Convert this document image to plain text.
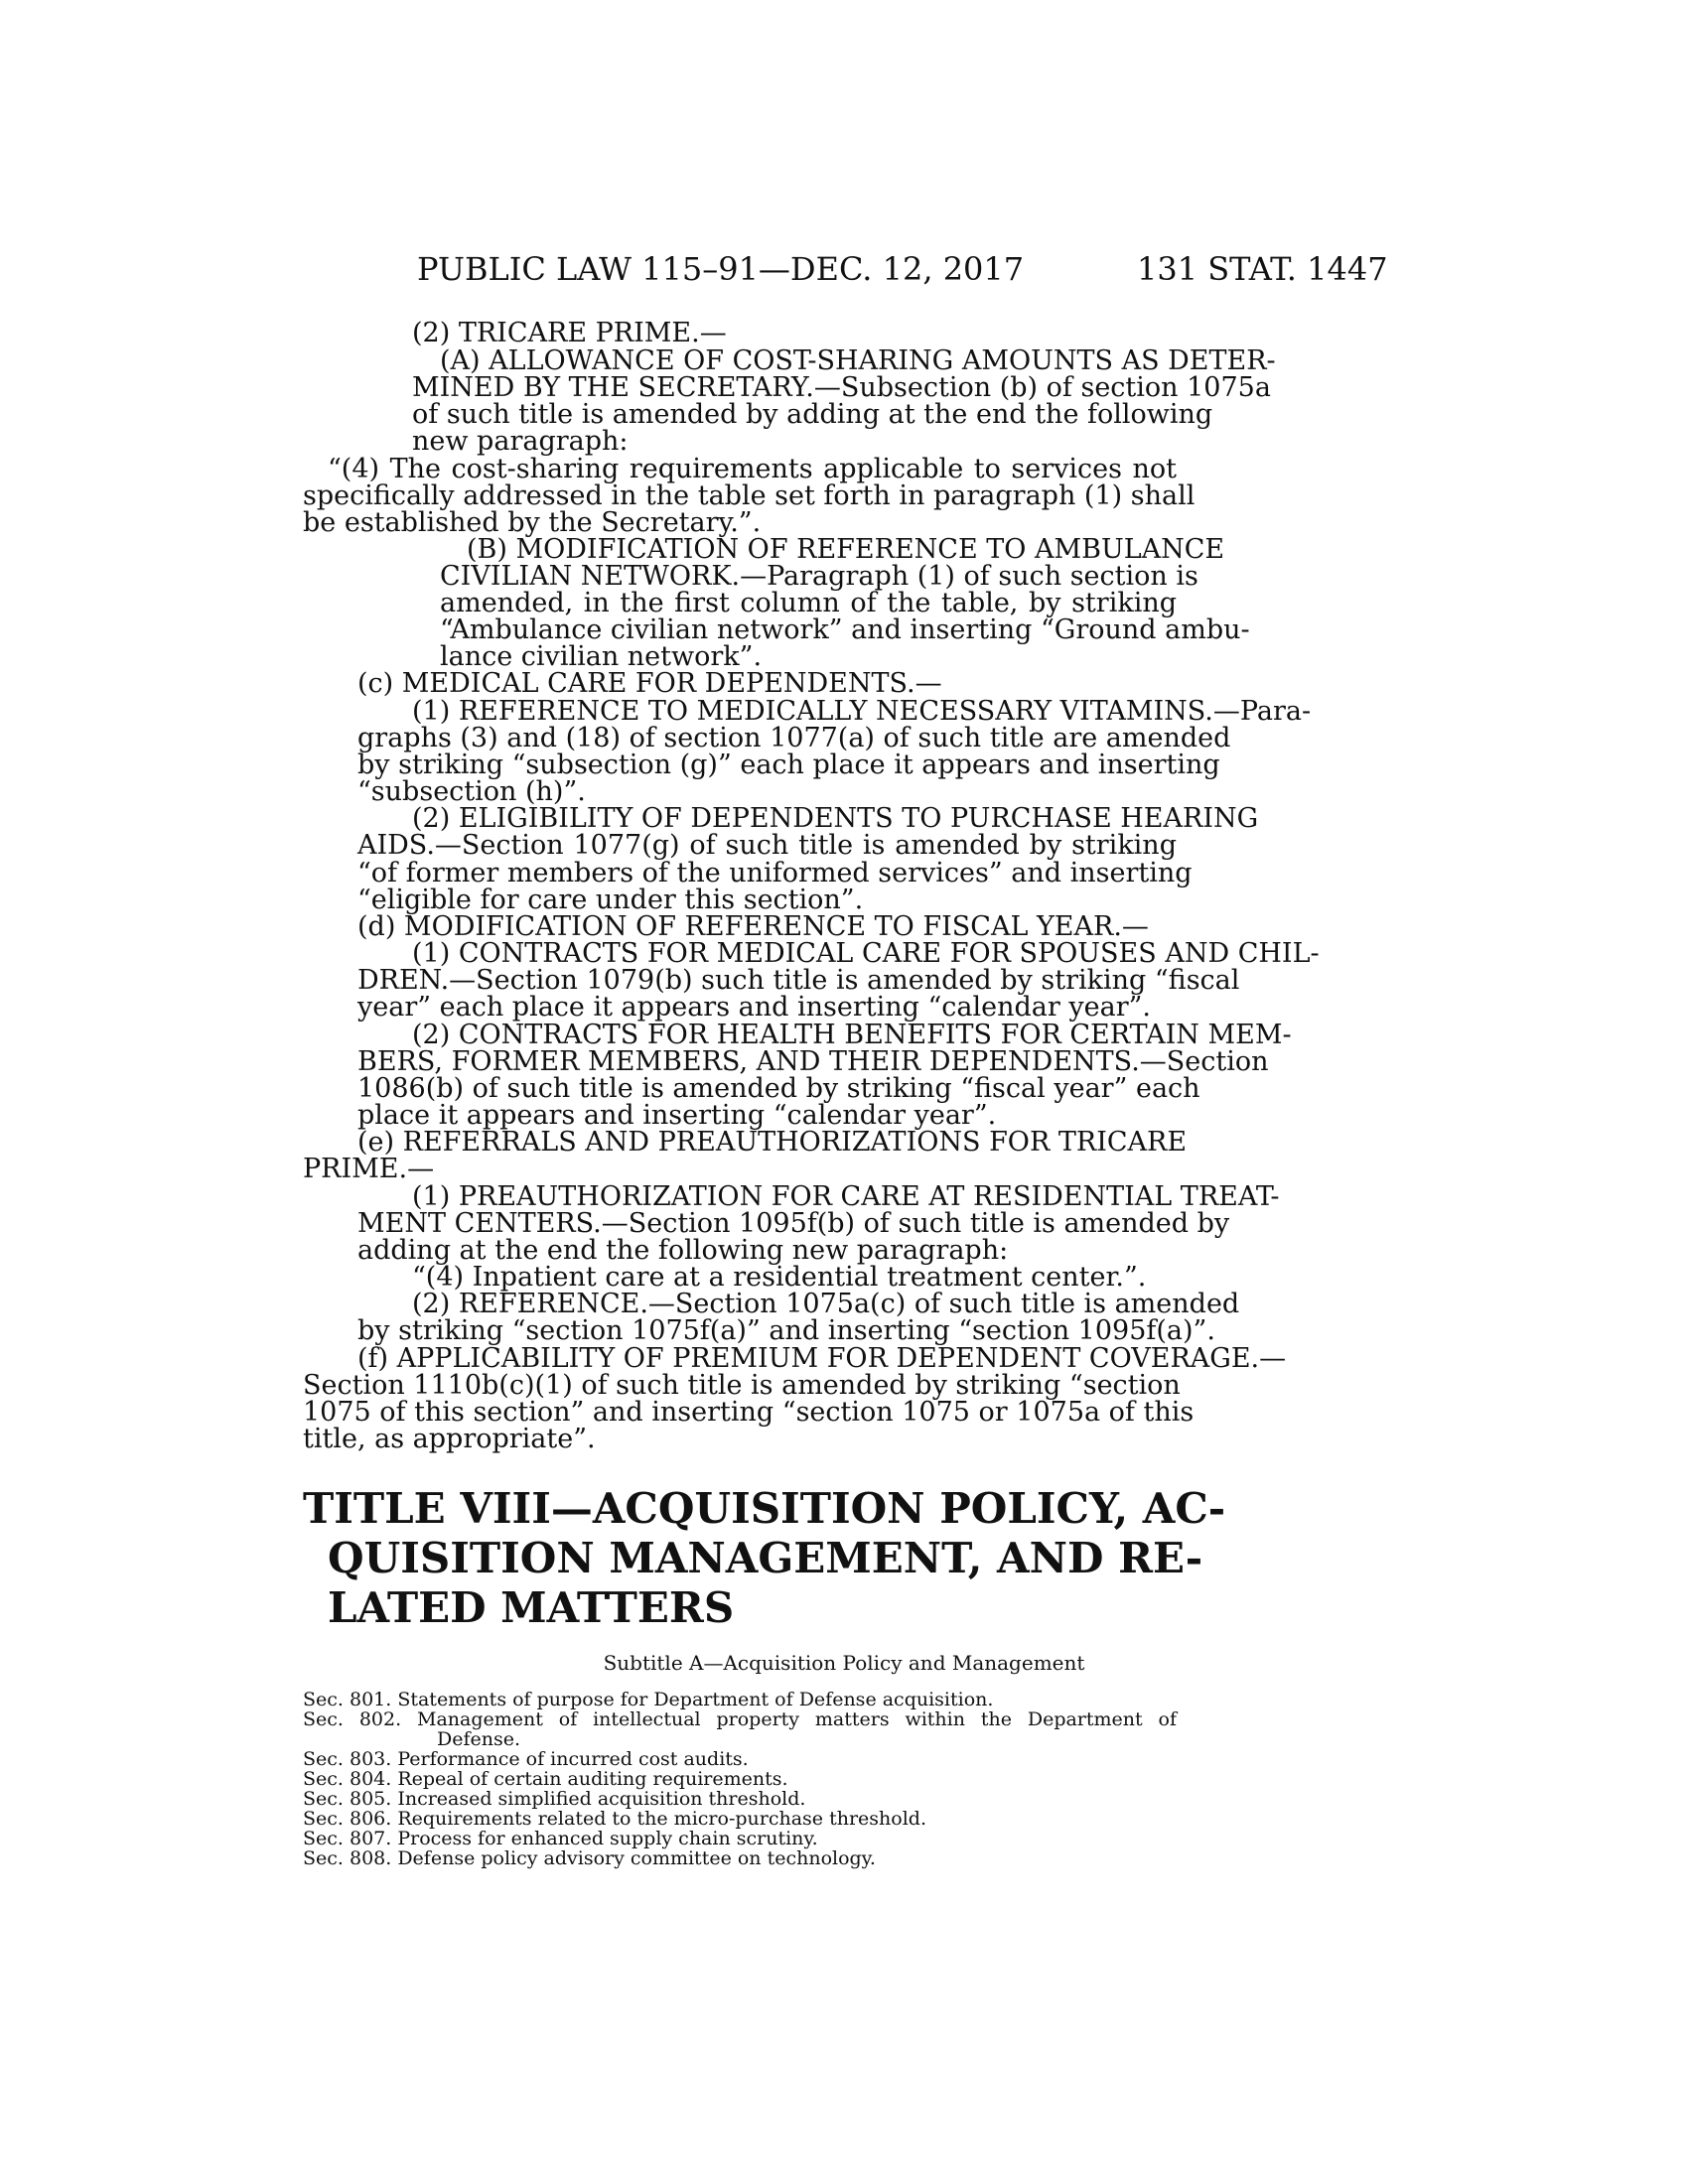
PUBLIC LAW 115–91—DEC. 12, 2017	131 STAT. 1447
(2) TRICARE PRIME.—
(A) ALLOWANCE OF COST-SHARING AMOUNTS AS DETER-
MINED BY THE SECRETARY.—Subsection (b) of section 1075a
of such title is amended by adding at the end the following
new paragraph:
“(4) The cost-sharing requirements applicable to services not
specifically addressed in the table set forth in paragraph (1) shall
be established by the Secretary.”.
(B) MODIFICATION OF REFERENCE TO AMBULANCE
CIVILIAN NETWORK.—Paragraph (1) of such section is
amended, in the first column of the table, by striking
“Ambulance civilian network” and inserting “Ground ambu-
lance civilian network”.
(c) MEDICAL CARE FOR DEPENDENTS.—
(1) REFERENCE TO MEDICALLY NECESSARY VITAMINS.—Para-
graphs (3) and (18) of section 1077(a) of such title are amended
by striking “subsection (g)” each place it appears and inserting
“subsection (h)”.
(2) ELIGIBILITY OF DEPENDENTS TO PURCHASE HEARING
AIDS.—Section 1077(g) of such title is amended by striking
“of former members of the uniformed services” and inserting
“eligible for care under this section”.
(d) MODIFICATION OF REFERENCE TO FISCAL YEAR.—
(1) CONTRACTS FOR MEDICAL CARE FOR SPOUSES AND CHIL-
DREN.—Section 1079(b) such title is amended by striking “fiscal
year” each place it appears and inserting “calendar year”.
(2) CONTRACTS FOR HEALTH BENEFITS FOR CERTAIN MEM-
BERS, FORMER MEMBERS, AND THEIR DEPENDENTS.—Section
1086(b) of such title is amended by striking “fiscal year” each
place it appears and inserting “calendar year”.
(e) REFERRALS AND PREAUTHORIZATIONS FOR TRICARE
PRIME.—
(1) PREAUTHORIZATION FOR CARE AT RESIDENTIAL TREAT-
MENT CENTERS.—Section 1095f(b) of such title is amended by
adding at the end the following new paragraph:
“(4) Inpatient care at a residential treatment center.”.
(2) REFERENCE.—Section 1075a(c) of such title is amended
by striking “section 1075f(a)” and inserting “section 1095f(a)”.
(f) APPLICABILITY OF PREMIUM FOR DEPENDENT COVERAGE.—
Section 1110b(c)(1) of such title is amended by striking “section
1075 of this section” and inserting “section 1075 or 1075a of this
title, as appropriate”.
TITLE VIII—ACQUISITION POLICY, AC-
QUISITION MANAGEMENT, AND RE-
LATED MATTERS
Subtitle A—Acquisition Policy and Management
Sec. 801. Statements of purpose for Department of Defense acquisition.
Sec. 802. Management of intellectual property matters within the Department of
Defense.
Sec. 803. Performance of incurred cost audits.
Sec. 804. Repeal of certain auditing requirements.
Sec. 805. Increased simplified acquisition threshold.
Sec. 806. Requirements related to the micro-purchase threshold.
Sec. 807. Process for enhanced supply chain scrutiny.
Sec. 808. Defense policy advisory committee on technology.
